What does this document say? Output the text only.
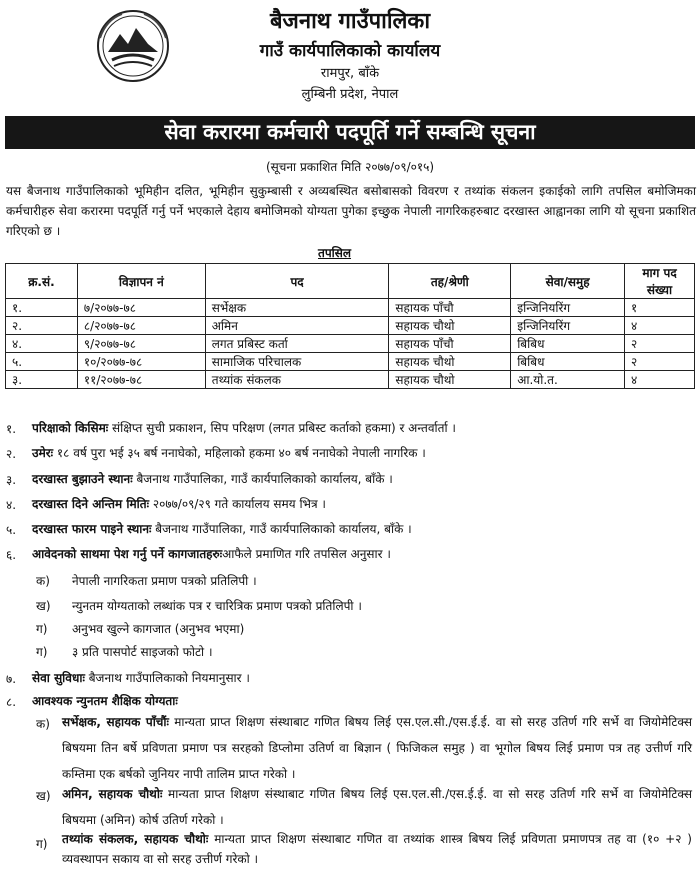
बैजनाथ गाउँपालिका
गाउँ कार्यपालिकाको कार्यालय
रामपुर, बाँके
लुम्बिनी प्रदेश, नेपाल
सेवा करारमा कर्मचारी पदपूर्ति गर्ने सम्बन्धि सूचना
(सूचना प्रकाशित मिति २०७७/०९/०१५)
यस बैजनाथ गाउँपालिकाको भूमिहीन दलित, भूमिहीन सुकुम्बासी र अव्यबस्थित बसोबासको विवरण र तथ्यांक संकलन इकाईको लागि तपसिल बमोजिमका कर्मचारीहरु सेवा करारमा पदपूर्ति गर्नु पर्ने भएकाले देहाय बमोजिमको योग्यता पुगेका इच्छुक नेपाली नागरिकहरुबाट दरखास्त आह्वानका लागि यो सूचना प्रकाशित गरिएको छ ।
तपसिल
क्र.सं.	विज्ञापन नं	पद	तह/श्रेणी	सेवा/समुह	माग पद संख्या
१.	७/२०७७-७८	सर्भेक्षक	सहायक पाँचौ	इन्जिनियरिंग	१
२.	८/२०७७-७८	अमिन	सहायक चौथो	इन्जिनियरिंग	४
४.	९/२०७७-७८	लगत प्रबिस्ट कर्ता	सहायक पाँचौ	बिबिध	२
५.	१०/२०७७-७८	सामाजिक परिचालक	सहायक चौथो	बिबिध	२
३.	११/२०७७-७८	तथ्यांक संकलक	सहायक चौथो	आ.यो.त.	४
१. परिक्षाको किसिमः संक्षिप्त सुची प्रकाशन, सिप परिक्षण (लगत प्रबिस्ट कर्ताको हकमा) र अन्तर्वार्ता ।
२. उमेरः १८ वर्ष पुरा भई ३५ बर्ष ननाघेको, महिलाको हकमा ४० बर्ष ननाघेको नेपाली नागरिक ।
३. दरखास्त बुझाउने स्थानः बैजनाथ गाउँपालिका, गाउँ कार्यपालिकाको कार्यालय, बाँके ।
४. दरखास्त दिने अन्तिम मितिः २०७७/०९/२९ गते कार्यालय समय भित्र ।
५. दरखास्त फारम पाइने स्थानः बैजनाथ गाउँपालिका, गाउँ कार्यपालिकाको कार्यालय, बाँके ।
६. आवेदनको साथमा पेश गर्नु पर्ने कागजातहरुःआफैले प्रमाणित गरि तपसिल अनुसार ।
क) नेपाली नागरिकता प्रमाण पत्रको प्रतिलिपी ।
ख) न्युनतम योग्यताको लब्धांक पत्र र चारित्रिक प्रमाण पत्रको प्रतिलिपी ।
ग) अनुभव खुल्ने कागजात (अनुभव भएमा)
ग) ३ प्रति पासपोर्ट साइजको फोटो ।
७. सेवा सुविधाः बैजनाथ गाउँपालिकाको नियमानुसार ।
८. आवश्यक न्युनतम शैक्षिक योग्यताः
क) सर्भेक्षक, सहायक पाँचौंः मान्यता प्राप्त शिक्षण संस्थाबाट गणित बिषय लिई एस.एल.सी./एस.ई.ई. वा सो सरह उतिर्ण गरि सर्भे वा जियोमेटिक्स बिषयमा तिन बर्षे प्रविणता प्रमाण पत्र सरहको डिप्लोमा उतिर्ण वा बिज्ञान ( फिजिकल समुह ) वा भूगोल बिषय लिई प्रमाण पत्र तह उत्तीर्ण गरि कम्तिमा एक बर्षको जुनियर नापी तालिम प्राप्त गरेको ।
ख) अमिन, सहायक चौथोः मान्यता प्राप्त शिक्षण संस्थाबाट गणित बिषय लिई एस.एल.सी./एस.ई.ई. वा सो सरह उतिर्ण गरि सर्भे वा जियोमेटिक्स बिषयमा (अमिन) कोर्ष उतिर्ण गरेको ।
ग) तथ्यांक संकलक, सहायक चौथोः मान्यता प्राप्त शिक्षण संस्थाबाट गणित वा तथ्यांक शास्त्र बिषय लिई प्रविणता प्रमाणपत्र तह वा (१० +२ ) व्यवस्थापन सकाय वा सो सरह उत्तीर्ण गरेको ।
